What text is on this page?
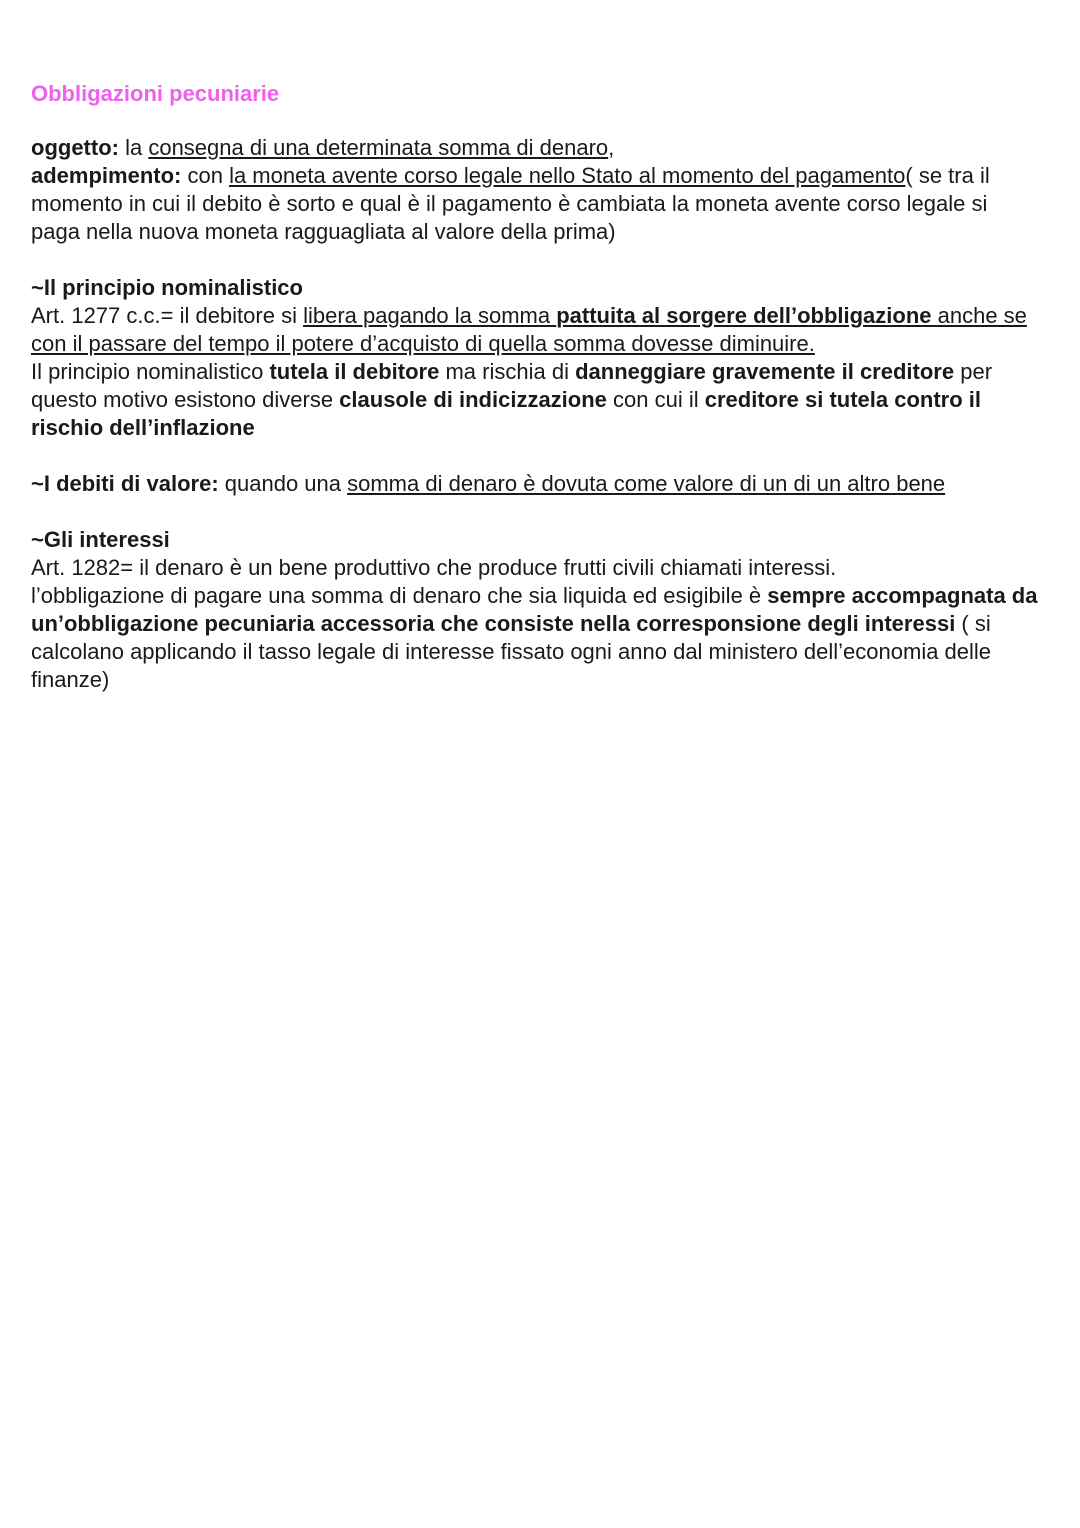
Obbligazioni pecuniarie

oggetto: la consegna di una determinata somma di denaro,

adempimento: con la moneta avente corso legale nello Stato al momento del pagamento( se tra il momento in cui il debito è sorto e qual è il pagamento è cambiata la moneta avente corso legale si paga nella nuova moneta ragguagliata al valore della prima)

~Il principio nominalistico

Art. 1277 c.c.= il debitore si libera pagando la somma pattuita al sorgere dell’obbligazione anche se con il passare del tempo il potere d’acquisto di quella somma dovesse diminuire.

Il principio nominalistico tutela il debitore ma rischia di danneggiare gravemente il creditore per questo motivo esistono diverse clausole di indicizzazione con cui il creditore si tutela contro il rischio dell’inflazione

~I debiti di valore: quando una somma di denaro è dovuta come valore di un di un altro bene

~Gli interessi

Art. 1282= il denaro è un bene produttivo che produce frutti civili chiamati interessi.

l’obbligazione di pagare una somma di denaro che sia liquida ed esigibile è sempre accompagnata da un’obbligazione pecuniaria accessoria che consiste nella corresponsione degli interessi ( si calcolano applicando il tasso legale di interesse fissato ogni anno dal ministero dell’economia delle finanze)
